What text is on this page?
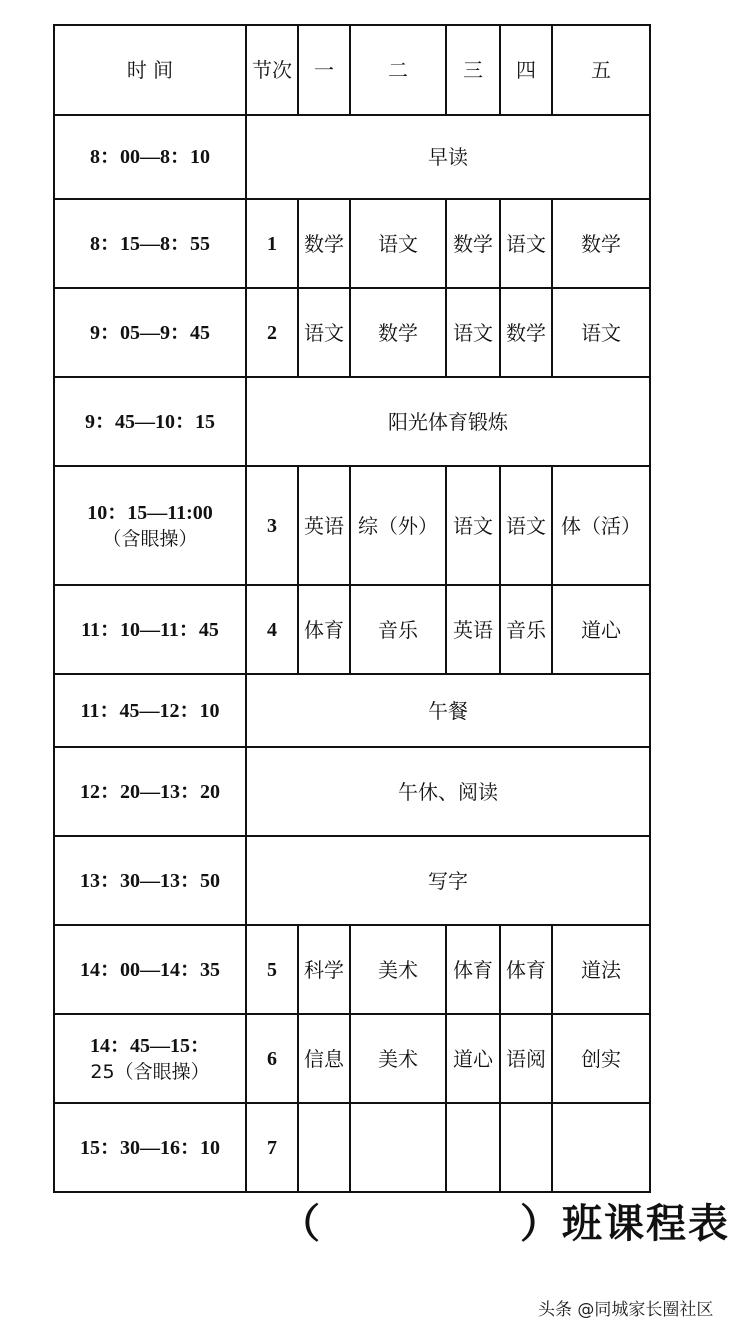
时 间	节次	一	二	三	四	五
8：00—8：10	早读					
8：15—8：55	1	数学	语文	数学	语文	数学
9：05—9：45	2	语文	数学	语文	数学	语文
9：45—10：15	阳光体育锻炼					

10：15—11:00
（含眼操）	3	英语	综（外）	语文	语文	体（活）
11：10—11：45	4	体育	音乐	英语	音乐	道心
11：45—12：10	午餐					
12：20—13：20	午休、阅读					
13：30—13：50	写字					
14：00—14：35	5	科学	美术	体育	体育	道法

14：45—15：
25（含眼操）	6	信息	美术	道心	语阅	创实
15：30—16：10	7					
（	）班课程表
头条 @同城家长圈社区
